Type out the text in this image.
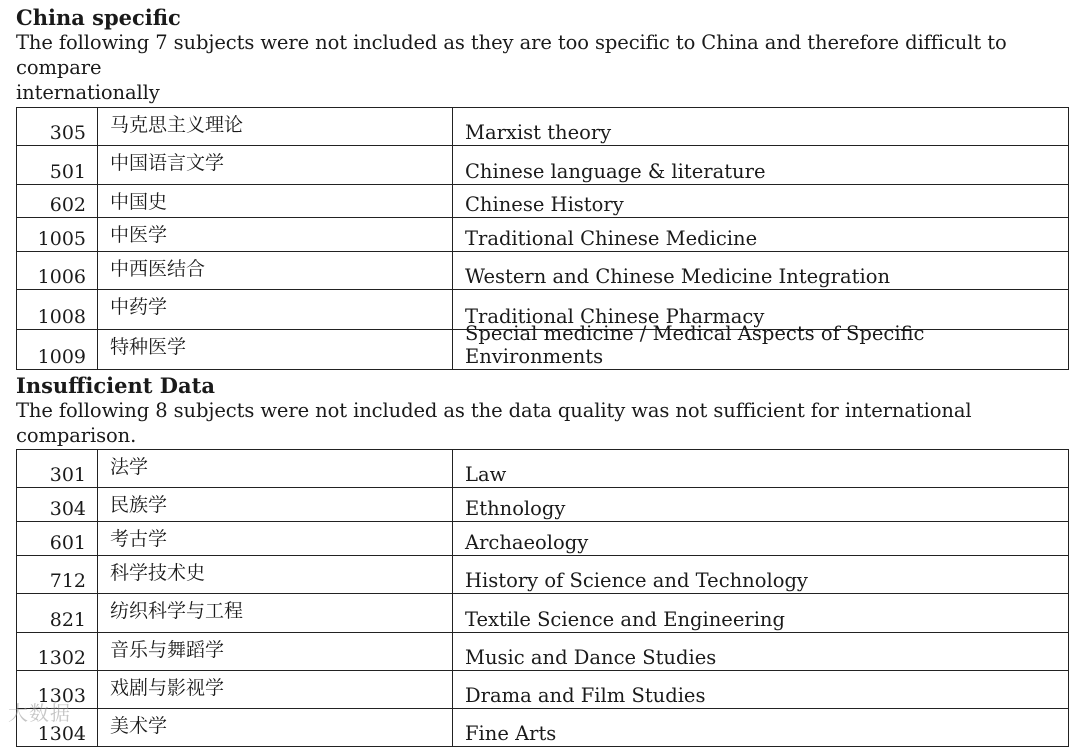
China specific

The following 7 subjects were not included as they are too specific to China and therefore difficult to compare
internationally

305	马克思主义理论	Marxist theory

501	中国语言文学	Chinese language & literature

602	中国史	Chinese History

1005	中医学	Traditional Chinese Medicine

1006	中西医结合	Western and Chinese Medicine Integration

1008	中药学	Traditional Chinese Pharmacy

1009	特种医学	Special medicine / Medical Aspects of Specific Environments

Insufficient Data

The following 8 subjects were not included as the data quality was not sufficient for international comparison.

301	法学	Law

304	民族学	Ethnology

601	考古学	Archaeology

712	科学技术史	History of Science and Technology

821	纺织科学与工程	Textile Science and Engineering

1302	音乐与舞蹈学	Music and Dance Studies

1303	戏剧与影视学	Drama and Film Studies

1304	美术学	Fine Arts
大数据
